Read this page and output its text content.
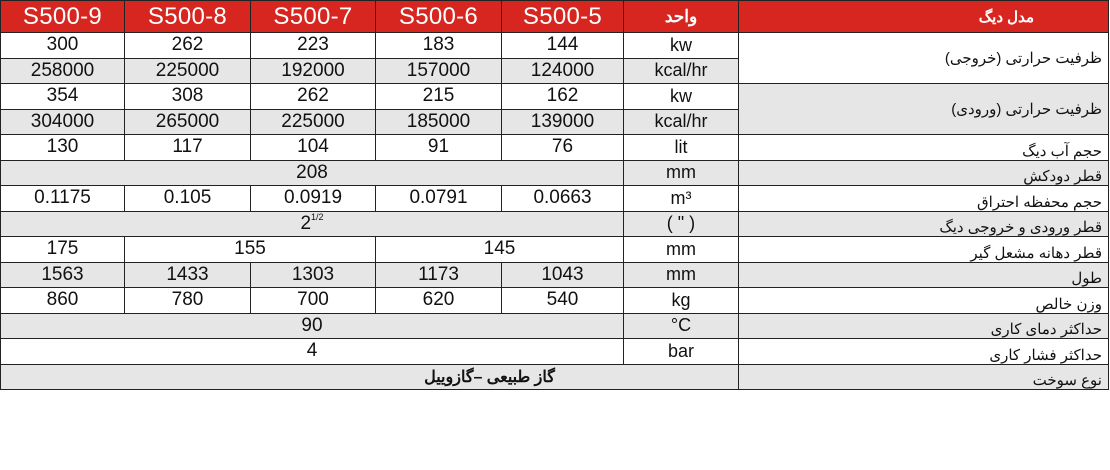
S500-9	S500-8	S500-7	S500-6	S500-5	واحد	مدل دیگ
300	262	223	183	144	kw	ظرفیت حرارتی (خروجی)
258000	225000	192000	157000	124000	kcal/hr	
354	308	262	215	162	kw	ظرفیت حرارتی (ورودی)
304000	265000	225000	185000	139000	kcal/hr	
130	117	104	91	76	lit	حجم آب دیگ
208					mm	قطر دودکش
0.1175	0.105	0.0919	0.0791	0.0663	m³	حجم محفظه احتراق
$2^{1/2}$					( " )	قطر ورودی و خروجی دیگ
175	155		145		mm	قطر دهانه مشعل گیر
1563	1433	1303	1173	1043	mm	طول
860	780	700	620	540	kg	وزن خالص
90					°C	حداکثر دمای کاری
4					bar	حداکثر فشار کاری
گاز طبیعی –گازوییل						نوع سوخت
